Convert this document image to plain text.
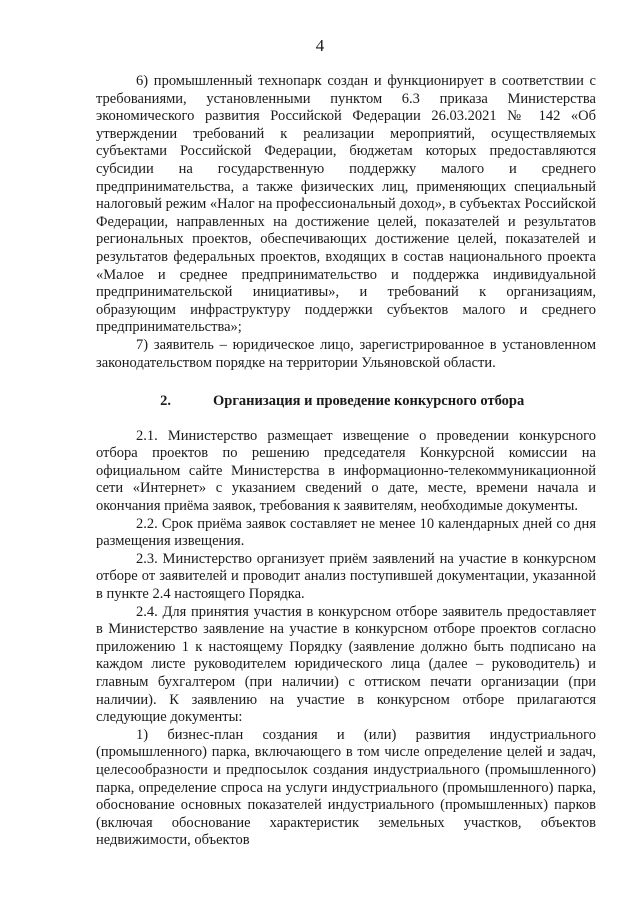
4

6) промышленный технопарк создан и функционирует в соответствии с требованиями, установленными пунктом 6.3 приказа Министерства экономического развития Российской Федерации 26.03.2021 № 142 «Об утверждении требований к реализации мероприятий, осуществляемых субъектами Российской Федерации, бюджетам которых предоставляются субсидии на государственную поддержку малого и среднего предпринимательства, а также физических лиц, применяющих специальный налоговый режим «Налог на профессиональный доход», в субъектах Российской Федерации, направленных на достижение целей, показателей и результатов региональных проектов, обеспечивающих достижение целей, показателей и результатов федеральных проектов, входящих в состав национального проекта «Малое и среднее предпринимательство и поддержка индивидуальной предпринимательской инициативы», и требований к организациям, образующим инфраструктуру поддержки субъектов малого и среднего предпринимательства»;

7) заявитель – юридическое лицо, зарегистрированное в установленном законодательством порядке на территории Ульяновской области.

2.	Организация и проведение конкурсного отбора

2.1. Министерство размещает извещение о проведении конкурсного отбора проектов по решению председателя Конкурсной комиссии на официальном сайте Министерства в информационно-телекоммуникационной сети «Интернет» с указанием сведений о дате, месте, времени начала и окончания приёма заявок, требования к заявителям, необходимые документы.

2.2. Срок приёма заявок составляет не менее 10 календарных дней со дня размещения извещения.

2.3. Министерство организует приём заявлений на участие в конкурсном отборе от заявителей и проводит анализ поступившей документации, указанной в пункте 2.4 настоящего Порядка.

2.4. Для принятия участия в конкурсном отборе заявитель предоставляет в Министерство заявление на участие в конкурсном отборе проектов согласно приложению 1 к настоящему Порядку (заявление должно быть подписано на каждом листе руководителем юридического лица (далее – руководитель) и главным бухгалтером (при наличии) с оттиском печати организации (при наличии). К заявлению на участие в конкурсном отборе прилагаются следующие документы:

1) бизнес-план создания и (или) развития индустриального (промышленного) парка, включающего в том числе определение целей и задач, целесообразности и предпосылок создания индустриального (промышленного) парка, определение спроса на услуги индустриального (промышленного) парка, обоснование основных показателей индустриального (промышленных) парков (включая обоснование характеристик земельных участков, объектов недвижимости, объектов
